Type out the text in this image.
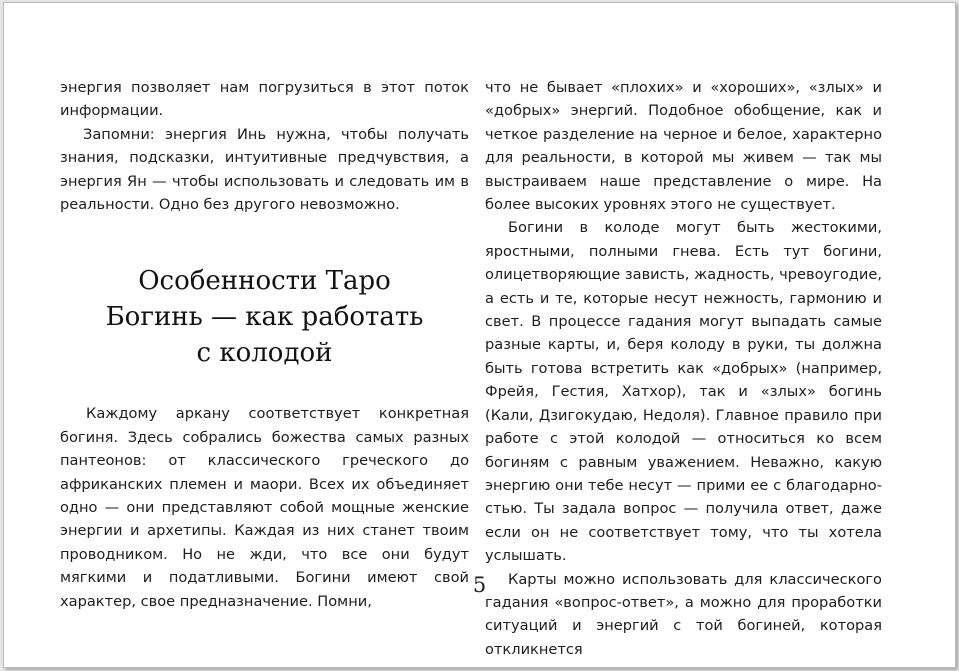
энергия позволяет нам погрузиться в этот поток информации.

Запомни: энергия Инь нужна, чтобы получать знания, подсказки, интуитивные предчувствия, а энергия Ян — чтобы использовать и следовать им в реальности. Одно без другого невозможно.

Особенности Таро
Богинь — как работать
с колодой

Каждому аркану соответствует конкретная богиня. Здесь собрались божества самых разных пантеонов: от классического греческого до африканских племен и маори. Всех их объединяет одно — они представляют собой мощные женские энергии и архетипы. Каждая из них станет твоим проводником. Но не жди, что все они будут мягкими и податливыми. Богини имеют свой характер, свое предназначение. Помни,

что не бывает «плохих» и «хороших», «злых» и «добрых» энергий. Подобное обобщение, как и четкое разделение на черное и белое, характерно для реальности, в которой мы живем — так мы выстраиваем наше представление о мире. На более высоких уровнях этого не существует.

Богини в колоде могут быть жестокими, яростными, полными гнева. Есть тут богини, олицетворяющие зависть, жадность, чревоугодие, а есть и те, которые несут нежность, гармонию и свет. В процессе гадания могут выпадать самые разные карты, и, беря колоду в руки, ты должна быть готова встретить как «добрых» (например, Фрейя, Гестия, Хатхор), так и «злых» богинь (Кали, Дзигокудаю, Недоля). Главное правило при работе с этой колодой — относиться ко всем богиням с равным уважением. Неважно, какую энергию они тебе несут — прими ее с благодарностью. Ты задала вопрос — получила ответ, даже если он не соответствует тому, что ты хотела услышать.

Карты можно использовать для классического гадания «вопрос-ответ», а можно для проработки ситуаций и энергий с той богиней, которая откликнется

5
